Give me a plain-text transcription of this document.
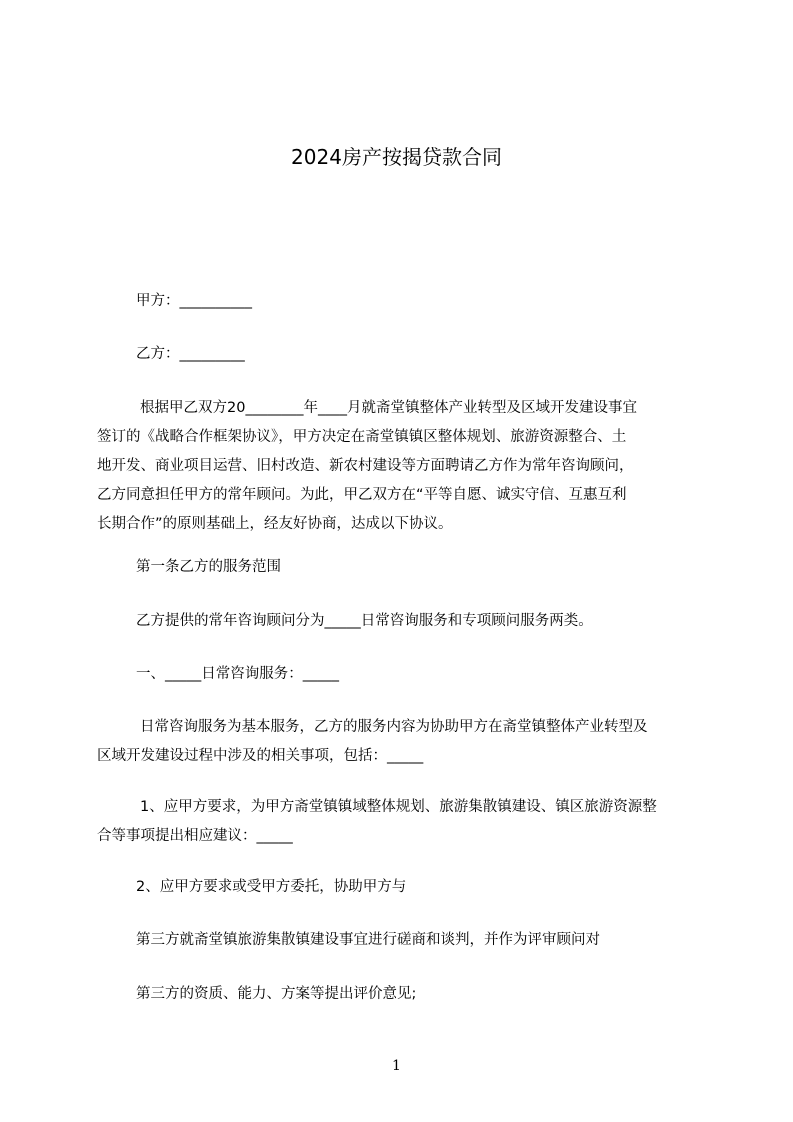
2024房产按揭贷款合同
甲方：__________
乙方：_________
根据甲乙双方20________年____月就斋堂镇整体产业转型及区域开发建设事宜
签订的《战略合作框架协议》，甲方决定在斋堂镇镇区整体规划、旅游资源整合、土
地开发、商业项目运营、旧村改造、新农村建设等方面聘请乙方作为常年咨询顾问，
乙方同意担任甲方的常年顾问。为此，甲乙双方在“平等自愿、诚实守信、互惠互利
长期合作”的原则基础上，经友好协商，达成以下协议。
第一条乙方的服务范围
乙方提供的常年咨询顾问分为_____日常咨询服务和专项顾问服务两类。
一、_____日常咨询服务：_____
日常咨询服务为基本服务，乙方的服务内容为协助甲方在斋堂镇整体产业转型及
区域开发建设过程中涉及的相关事项，包括：_____
1、应甲方要求，为甲方斋堂镇镇域整体规划、旅游集散镇建设、镇区旅游资源整
合等事项提出相应建议：_____
2、应甲方要求或受甲方委托，协助甲方与
第三方就斋堂镇旅游集散镇建设事宜进行磋商和谈判，并作为评审顾问对
第三方的资质、能力、方案等提出评价意见;
1
